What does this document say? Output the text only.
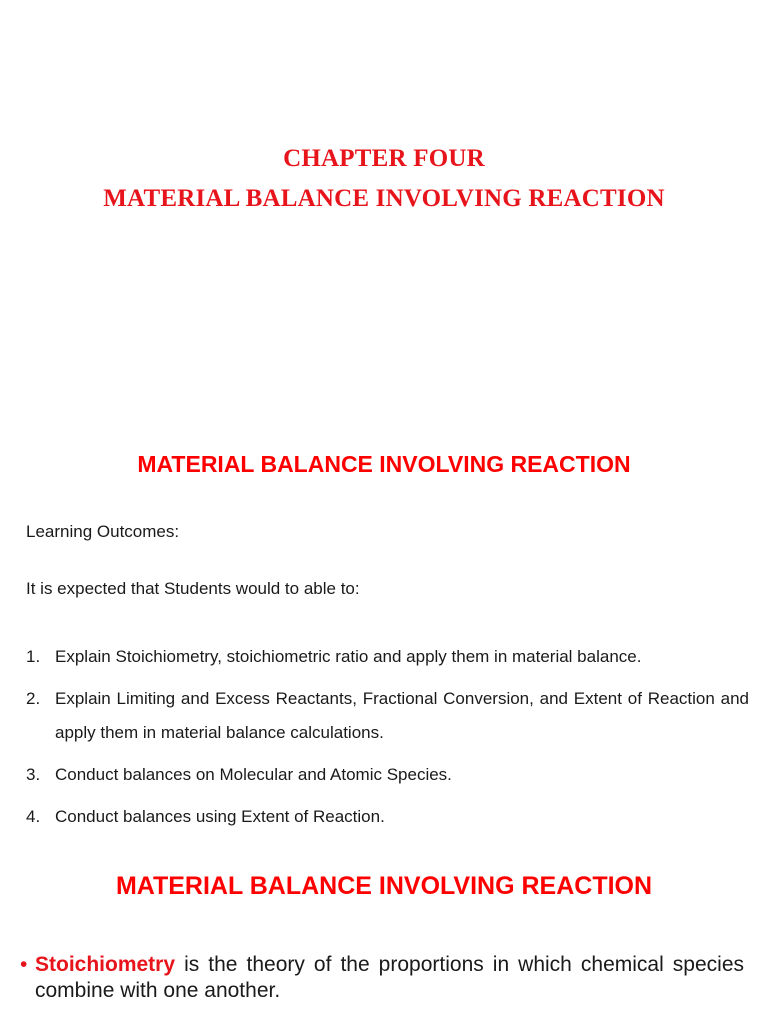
CHAPTER FOUR
MATERIAL BALANCE INVOLVING REACTION
MATERIAL BALANCE INVOLVING REACTION

Learning Outcomes:

It is expected that Students would to able to:

1. Explain Stoichiometry, stoichiometric ratio and apply them in material balance.
2. Explain Limiting and Excess Reactants, Fractional Conversion, and Extent of Reaction and apply them in material balance calculations.
3. Conduct balances on Molecular and Atomic Species.
4. Conduct balances using Extent of Reaction.
MATERIAL BALANCE INVOLVING REACTION

• Stoichiometry is the theory of the proportions in which chemical species combine with one another.
